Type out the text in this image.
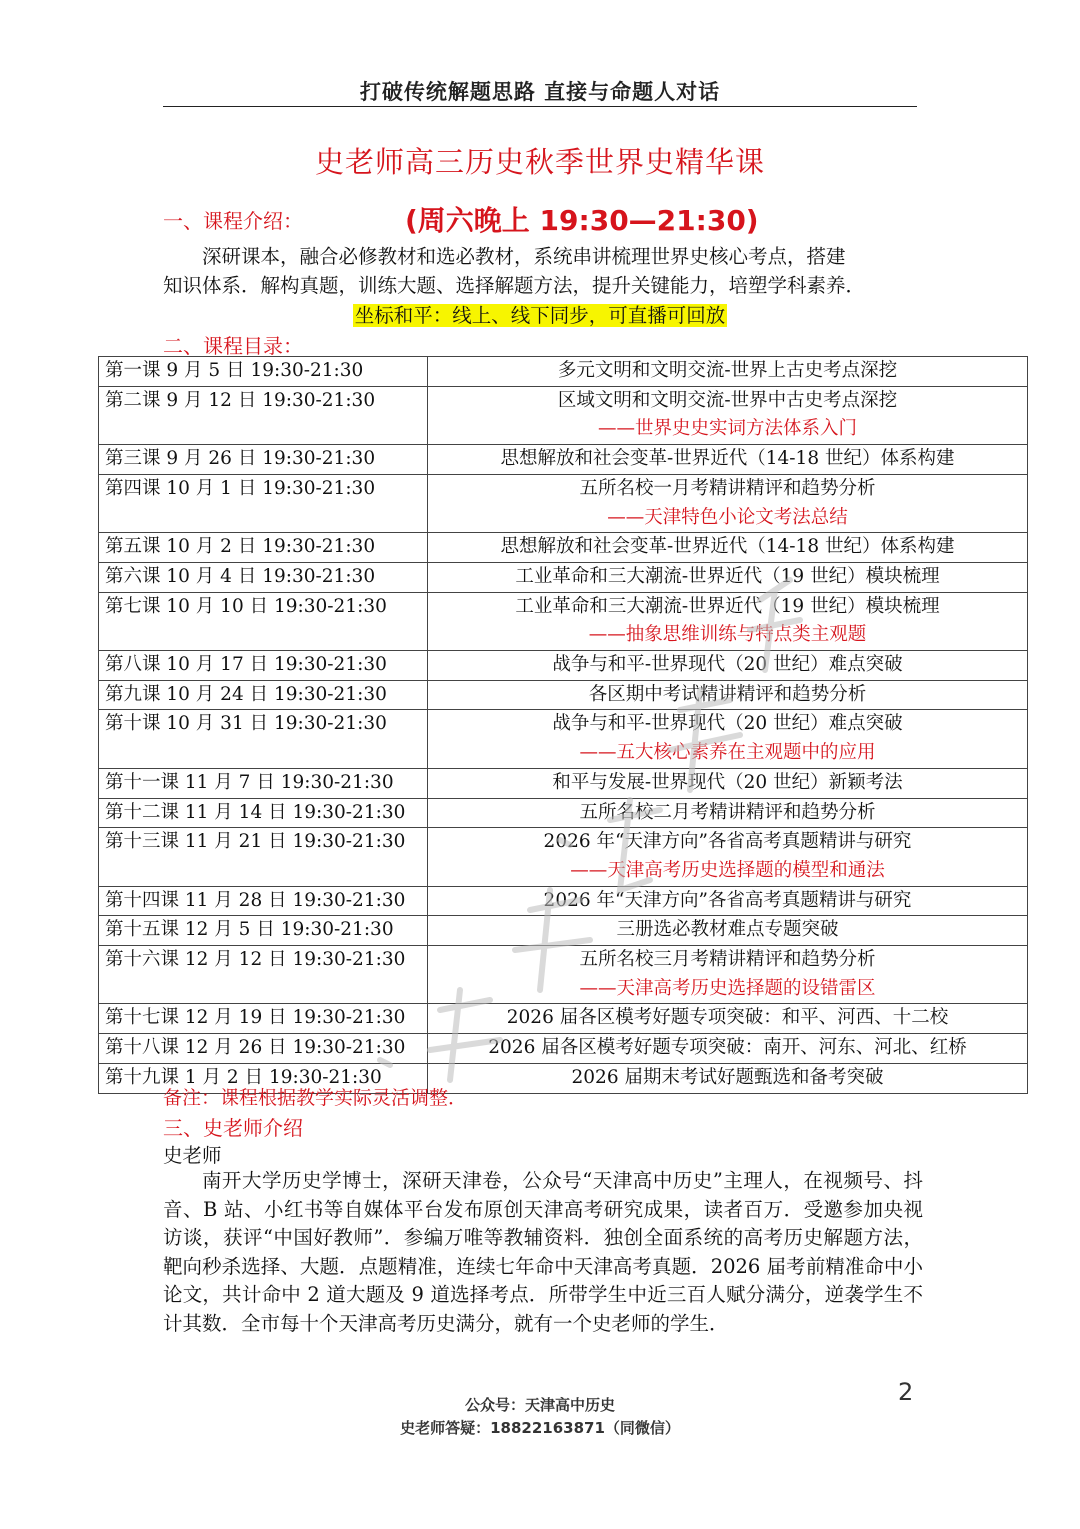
打破传统解题思路 直接与命题人对话
史老师高三历史秋季世界史精华课
一、课程介绍：	(周六晚上 19:30—21:30)

深研课本，融合必修教材和选必教材，系统串讲梳理世界史核心考点，搭建

知识体系．解构真题，训练大题、选择解题方法，提升关键能力，培塑学科素养．

坐标和平：线上、线下同步，可直播可回放
二、课程目录：
第一课 9 月 5 日 19:30-21:30	多元文明和文明交流-世界上古史考点深挖

第二课 9 月 12 日 19:30-21:30	区域文明和文明交流-世界中古史考点深挖
——世界史史实词方法体系入门

第三课 9 月 26 日 19:30-21:30	思想解放和社会变革-世界近代（14-18 世纪）体系构建

第四课 10 月 1 日 19:30-21:30	五所名校一月考精讲精评和趋势分析
——天津特色小论文考法总结

第五课 10 月 2 日 19:30-21:30	思想解放和社会变革-世界近代（14-18 世纪）体系构建

第六课 10 月 4 日 19:30-21:30	工业革命和三大潮流-世界近代（19 世纪）模块梳理

第七课 10 月 10 日 19:30-21:30	工业革命和三大潮流-世界近代（19 世纪）模块梳理
——抽象思维训练与特点类主观题

第八课 10 月 17 日 19:30-21:30	战争与和平-世界现代（20 世纪）难点突破

第九课 10 月 24 日 19:30-21:30	各区期中考试精讲精评和趋势分析

第十课 10 月 31 日 19:30-21:30	战争与和平-世界现代（20 世纪）难点突破
——五大核心素养在主观题中的应用

第十一课 11 月 7 日 19:30-21:30	和平与发展-世界现代（20 世纪）新颖考法

第十二课 11 月 14 日 19:30-21:30	五所名校二月考精讲精评和趋势分析

第十三课 11 月 21 日 19:30-21:30	2026 年“天津方向”各省高考真题精讲与研究
——天津高考历史选择题的模型和通法

第十四课 11 月 28 日 19:30-21:30	2026 年“天津方向”各省高考真题精讲与研究

第十五课 12 月 5 日 19:30-21:30	三册选必教材难点专题突破

第十六课 12 月 12 日 19:30-21:30	五所名校三月考精讲精评和趋势分析
——天津高考历史选择题的设错雷区

第十七课 12 月 19 日 19:30-21:30	2026 届各区模考好题专项突破：和平、河西、十二校

第十八课 12 月 26 日 19:30-21:30	2026 届各区模考好题专项突破：南开、河东、河北、红桥

第十九课 1 月 2 日 19:30-21:30	2026 届期末考试好题甄选和备考突破
备注：课程根据教学实际灵活调整．
三、史老师介绍
史老师
南开大学历史学博士，深研天津卷，公众号“天津高中历史”主理人，在视频号、抖音、B 站、小红书等自媒体平台发布原创天津高考研究成果，读者百万．受邀参加央视访谈，获评“中国好教师”．参编万唯等教辅资料．独创全面系统的高考历史解题方法，靶向秒杀选择、大题．点题精准，连续七年命中天津高考真题．2026 届考前精准命中小论文，共计命中 2 道大题及 9 道选择考点．所带学生中近三百人赋分满分，逆袭学生不计其数．全市每十个天津高考历史满分，就有一个史老师的学生．
2
公众号：天津高中历史
史老师答疑：18822163871（同微信）
